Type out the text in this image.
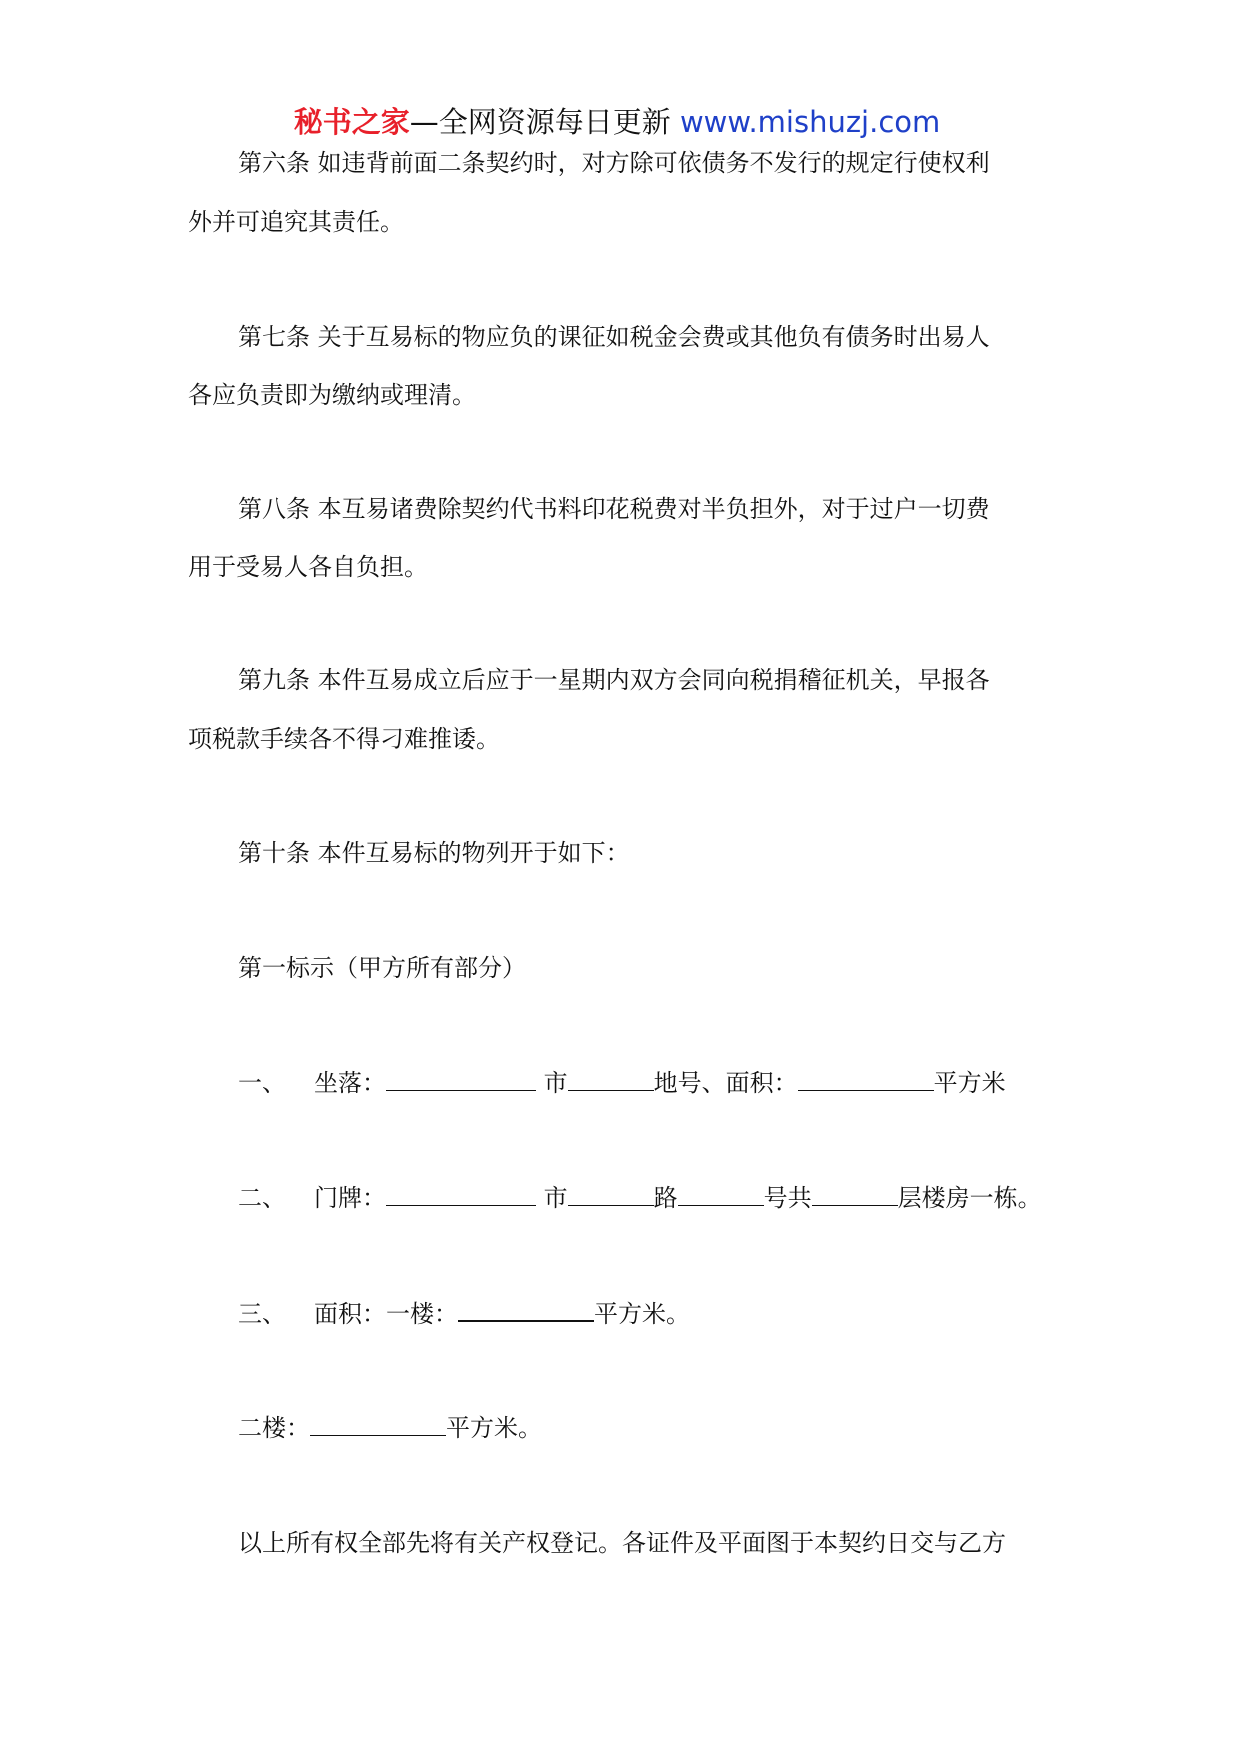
秘书之家—全网资源每日更新 www.mishuzj.com
第六条 如违背前面二条契约时，对方除可依债务不发行的规定行使权利
外并可追究其责任。
第七条 关于互易标的物应负的课征如税金会费或其他负有债务时出易人
各应负责即为缴纳或理清。
第八条 本互易诸费除契约代书料印花税费对半负担外，对于过户一切费
用于受易人各自负担。
第九条 本件互易成立后应于一星期内双方会同向税捐稽征机关，早报各
项税款手续各不得刁难推诿。
第十条 本件互易标的物列开于如下：
第一标示（甲方所有部分）
一、 坐落：	市	地号、面积：	平方米
二、 门牌：	市	路	号共	层楼房一栋。
三、 面积：一楼：	平方米。
二楼：	平方米。
以上所有权全部先将有关产权登记。各证件及平面图于本契约日交与乙方
